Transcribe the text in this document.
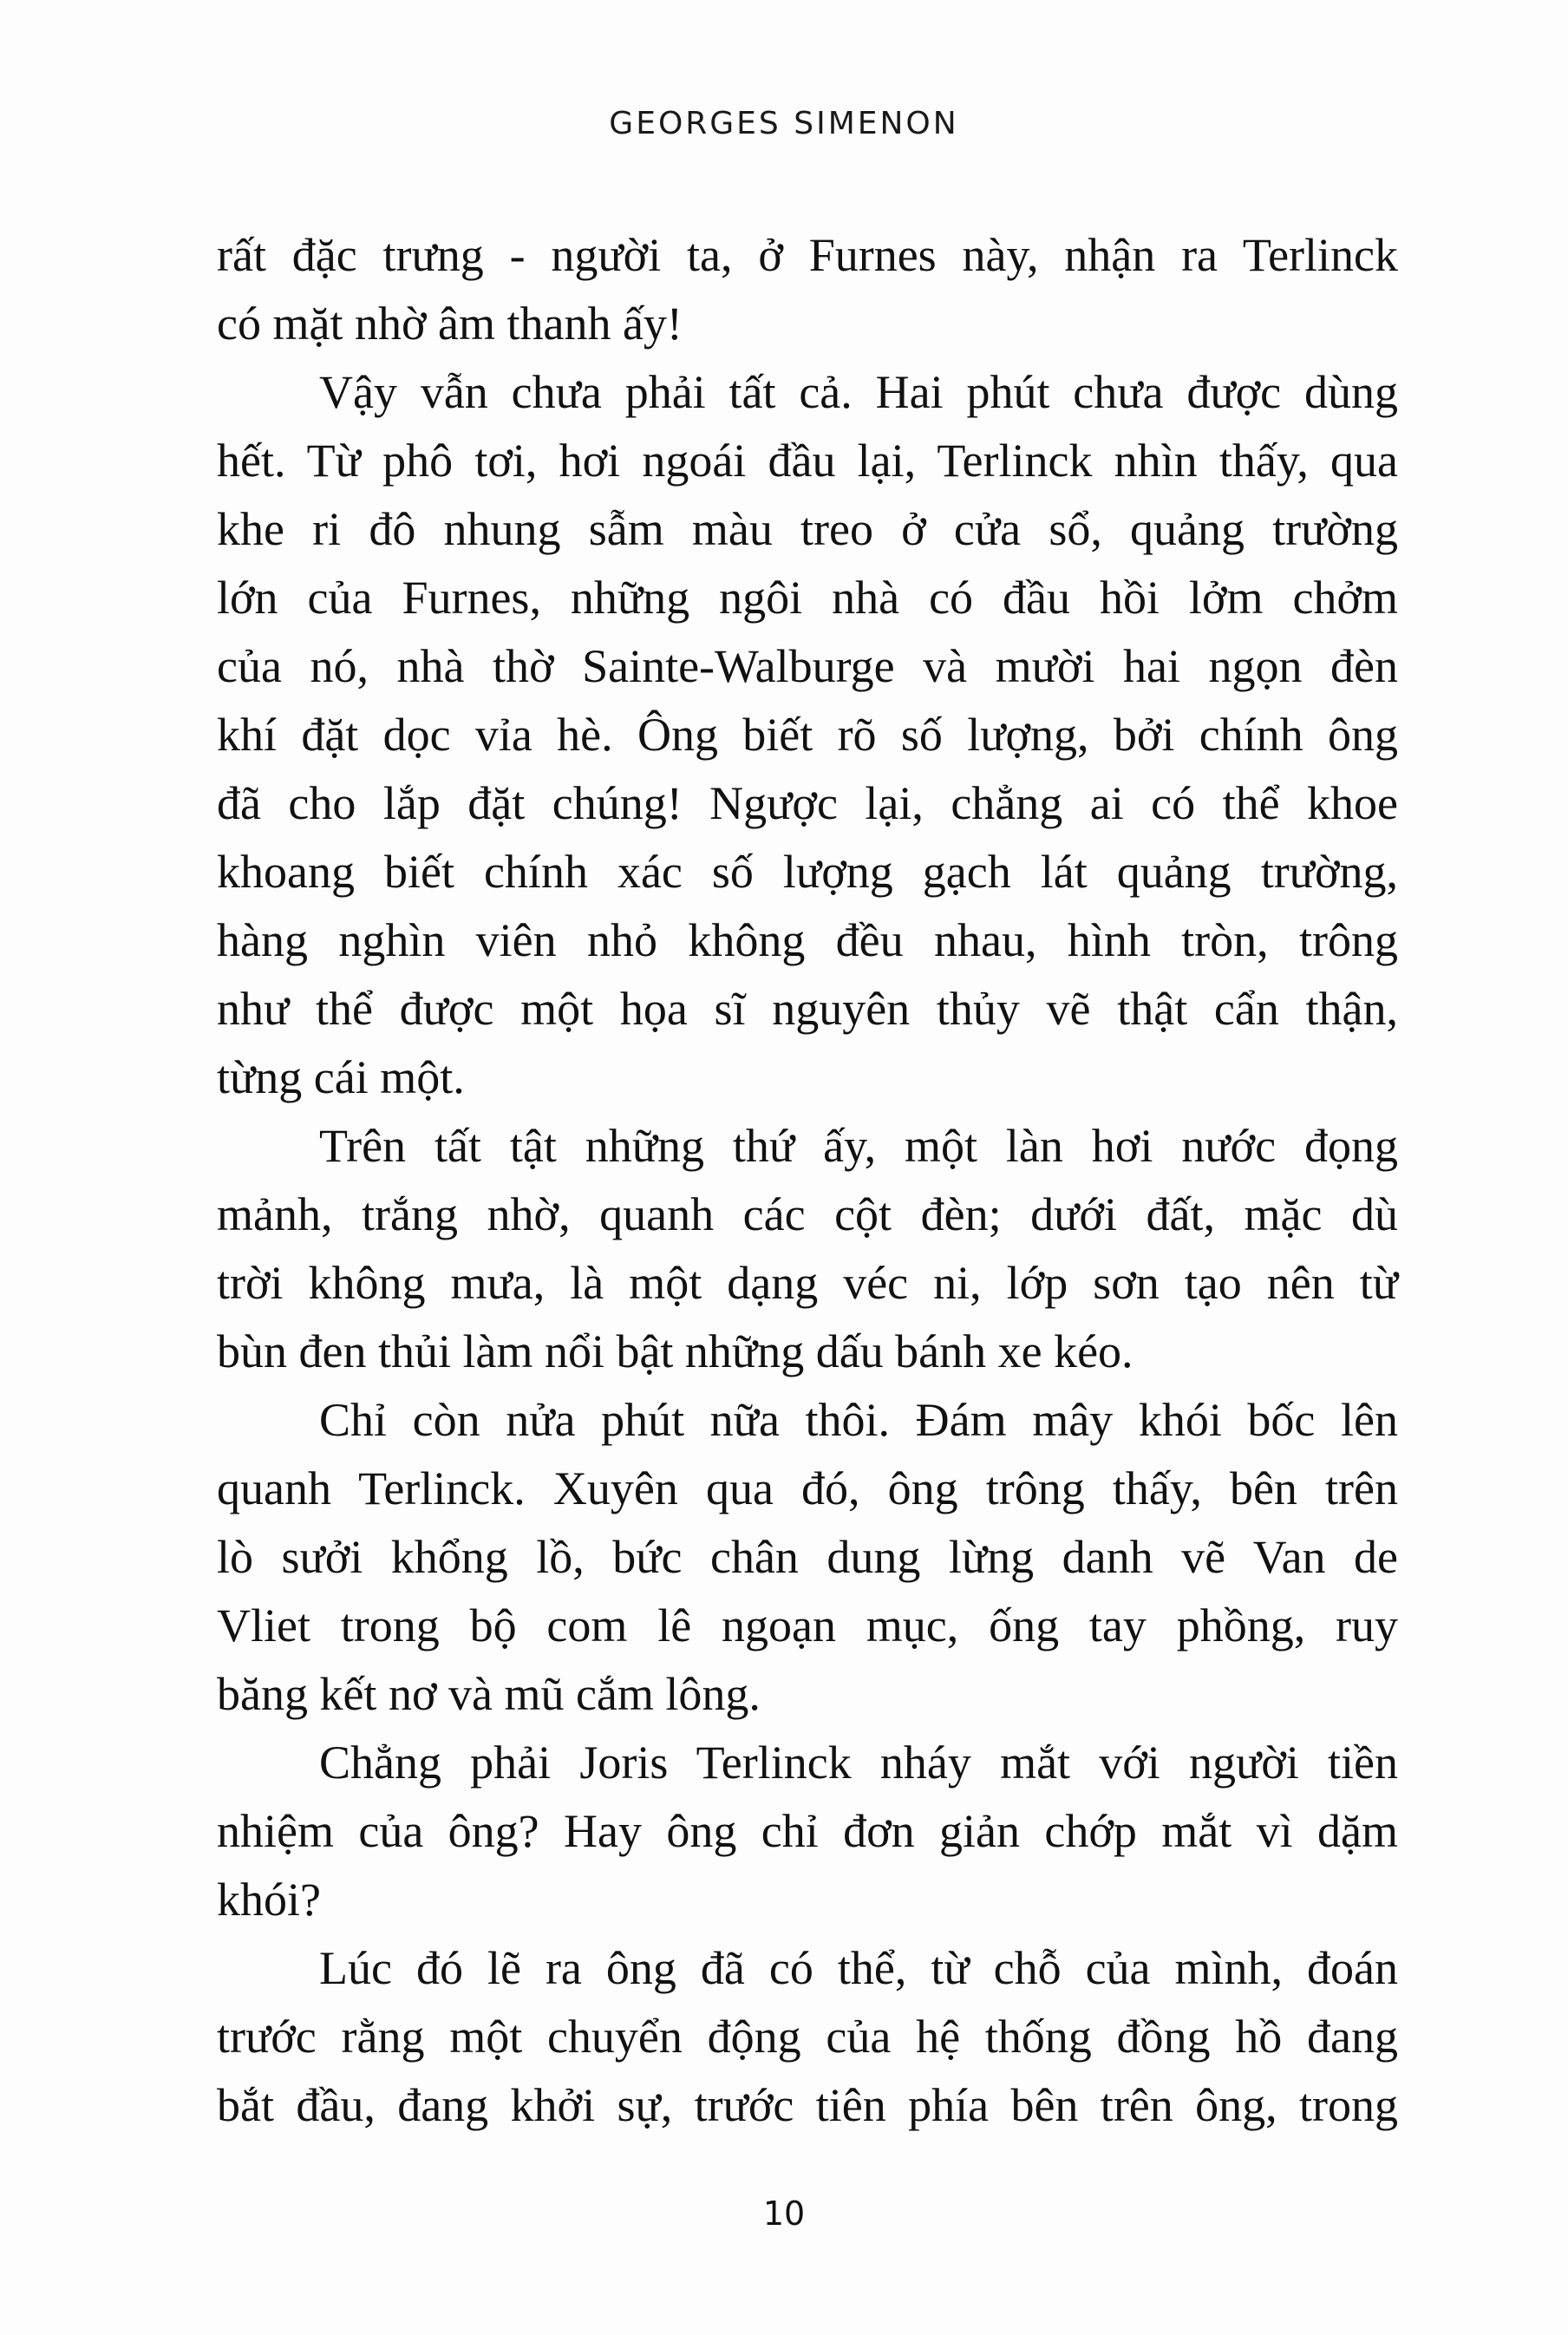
GEORGES SIMENON
rất đặc trưng - người ta, ở Furnes này, nhận ra Terlinck
có mặt nhờ âm thanh ấy!
Vậy vẫn chưa phải tất cả. Hai phút chưa được dùng
hết. Từ phô tơi, hơi ngoái đầu lại, Terlinck nhìn thấy, qua
khe ri đô nhung sẫm màu treo ở cửa sổ, quảng trường
lớn của Furnes, những ngôi nhà có đầu hồi lởm chởm
của nó, nhà thờ Sainte-Walburge và mười hai ngọn đèn
khí đặt dọc vỉa hè. Ông biết rõ số lượng, bởi chính ông
đã cho lắp đặt chúng! Ngược lại, chẳng ai có thể khoe
khoang biết chính xác số lượng gạch lát quảng trường,
hàng nghìn viên nhỏ không đều nhau, hình tròn, trông
như thể được một họa sĩ nguyên thủy vẽ thật cẩn thận,
từng cái một.
Trên tất tật những thứ ấy, một làn hơi nước đọng
mảnh, trắng nhờ, quanh các cột đèn; dưới đất, mặc dù
trời không mưa, là một dạng véc ni, lớp sơn tạo nên từ
bùn đen thủi làm nổi bật những dấu bánh xe kéo.
Chỉ còn nửa phút nữa thôi. Đám mây khói bốc lên
quanh Terlinck. Xuyên qua đó, ông trông thấy, bên trên
lò sưởi khổng lồ, bức chân dung lừng danh vẽ Van de
Vliet trong bộ com lê ngoạn mục, ống tay phồng, ruy
băng kết nơ và mũ cắm lông.
Chẳng phải Joris Terlinck nháy mắt với người tiền
nhiệm của ông? Hay ông chỉ đơn giản chớp mắt vì dặm
khói?
Lúc đó lẽ ra ông đã có thể, từ chỗ của mình, đoán
trước rằng một chuyển động của hệ thống đồng hồ đang
bắt đầu, đang khởi sự, trước tiên phía bên trên ông, trong
10
